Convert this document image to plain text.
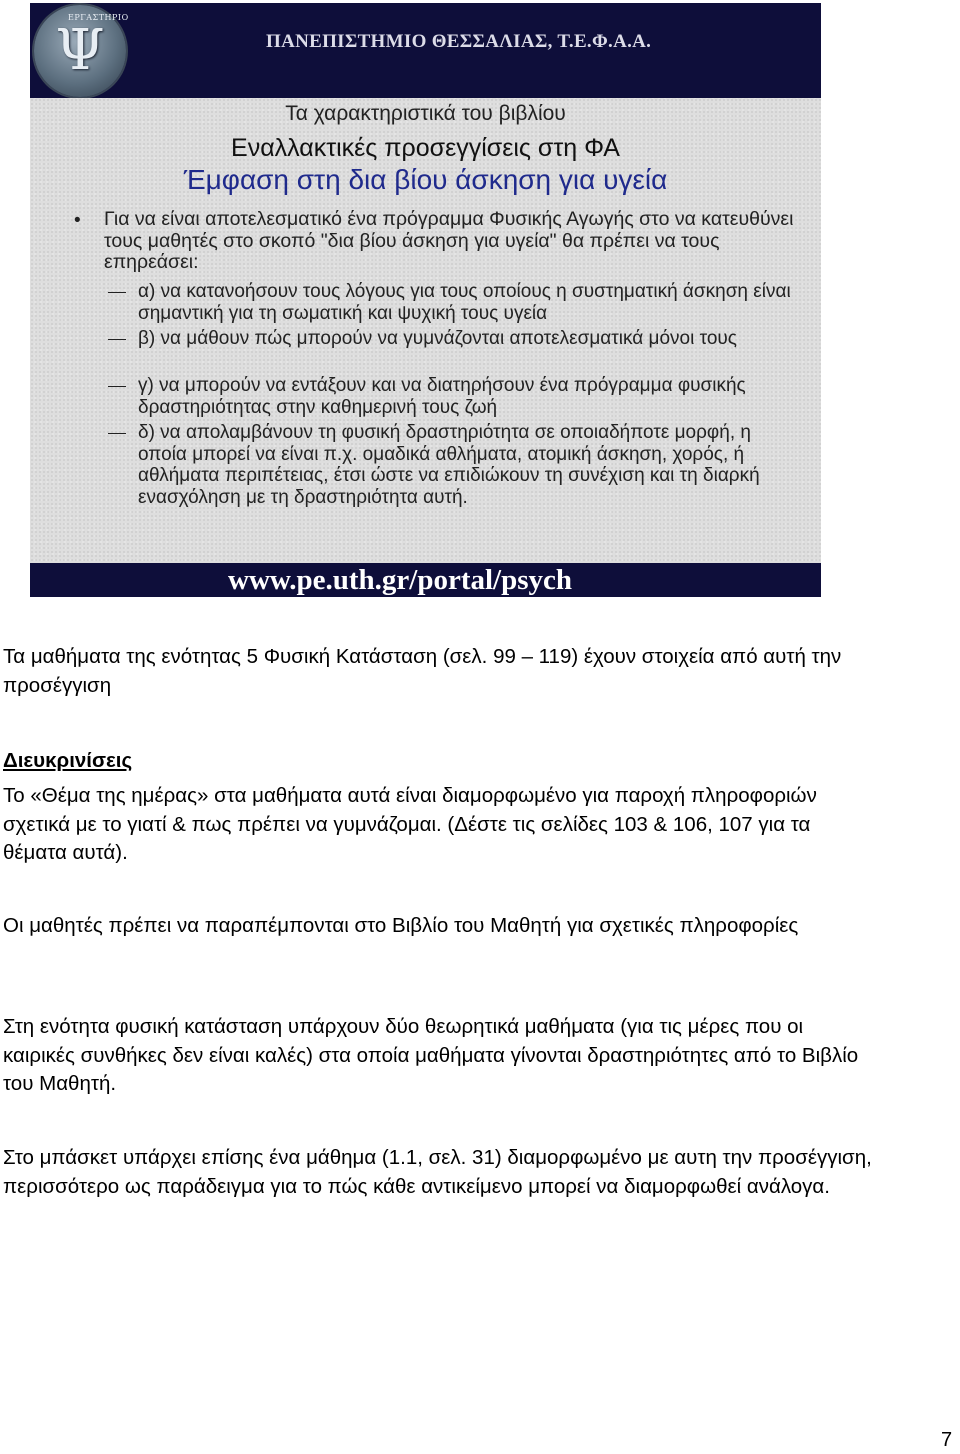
ΕΡΓΑΣΤΗΡΙΟ
Ψ	ΠΑΝΕΠΙΣΤΗΜΙΟ ΘΕΣΣΑΛΙΑΣ, Τ.Ε.Φ.Α.Α.
Τα χαρακτηριστικά του βιβλίου
Εναλλακτικές προσεγγίσεις στη ΦΑ
Έμφαση στη δια βίου άσκηση για υγεία
• Για να είναι αποτελεσματικό ένα πρόγραμμα Φυσικής Αγωγής στο να κατευθύνει τους μαθητές στο σκοπό "δια βίου άσκηση για υγεία" θα πρέπει να τους επηρεάσει:
α) να κατανοήσουν τους λόγους για τους οποίους η συστηματική άσκηση είναι σημαντική για τη σωματική και ψυχική τους υγεία
β) να μάθουν πώς μπορούν να γυμνάζονται αποτελεσματικά μόνοι τους
γ) να μπορούν να εντάξουν και να διατηρήσουν ένα πρόγραμμα φυσικής δραστηριότητας στην καθημερινή τους ζωή
δ) να απολαμβάνουν τη φυσική δραστηριότητα σε οποιαδήποτε μορφή, η οποία μπορεί να είναι π.χ. ομαδικά αθλήματα, ατομική άσκηση, χορός, ή αθλήματα περιπέτειας, έτσι ώστε να επιδιώκουν τη συνέχιση και τη διαρκή ενασχόληση με τη δραστηριότητα αυτή.
www.pe.uth.gr/portal/psych
Τα μαθήματα της ενότητας 5 Φυσική Κατάσταση (σελ. 99 – 119) έχουν στοιχεία από αυτή την προσέγγιση
Διευκρινίσεις
Το «Θέμα της ημέρας» στα μαθήματα αυτά είναι διαμορφωμένο για παροχή πληροφοριών σχετικά με το γιατί & πως πρέπει να γυμνάζομαι. (Δέστε τις σελίδες 103 & 106, 107 για τα θέματα αυτά).
Οι μαθητές πρέπει να παραπέμπονται στο Βιβλίο του Μαθητή για σχετικές πληροφορίες
Στη ενότητα φυσική κατάσταση υπάρχουν δύο θεωρητικά μαθήματα (για τις μέρες που οι καιρικές συνθήκες δεν είναι καλές) στα οποία μαθήματα γίνονται δραστηριότητες από το Βιβλίο του Μαθητή.
Στο μπάσκετ υπάρχει επίσης ένα μάθημα (1.1, σελ. 31) διαμορφωμένο με αυτη την προσέγγιση, περισσότερο ως παράδειγμα για το πώς κάθε αντικείμενο μπορεί να διαμορφωθεί ανάλογα.
7
